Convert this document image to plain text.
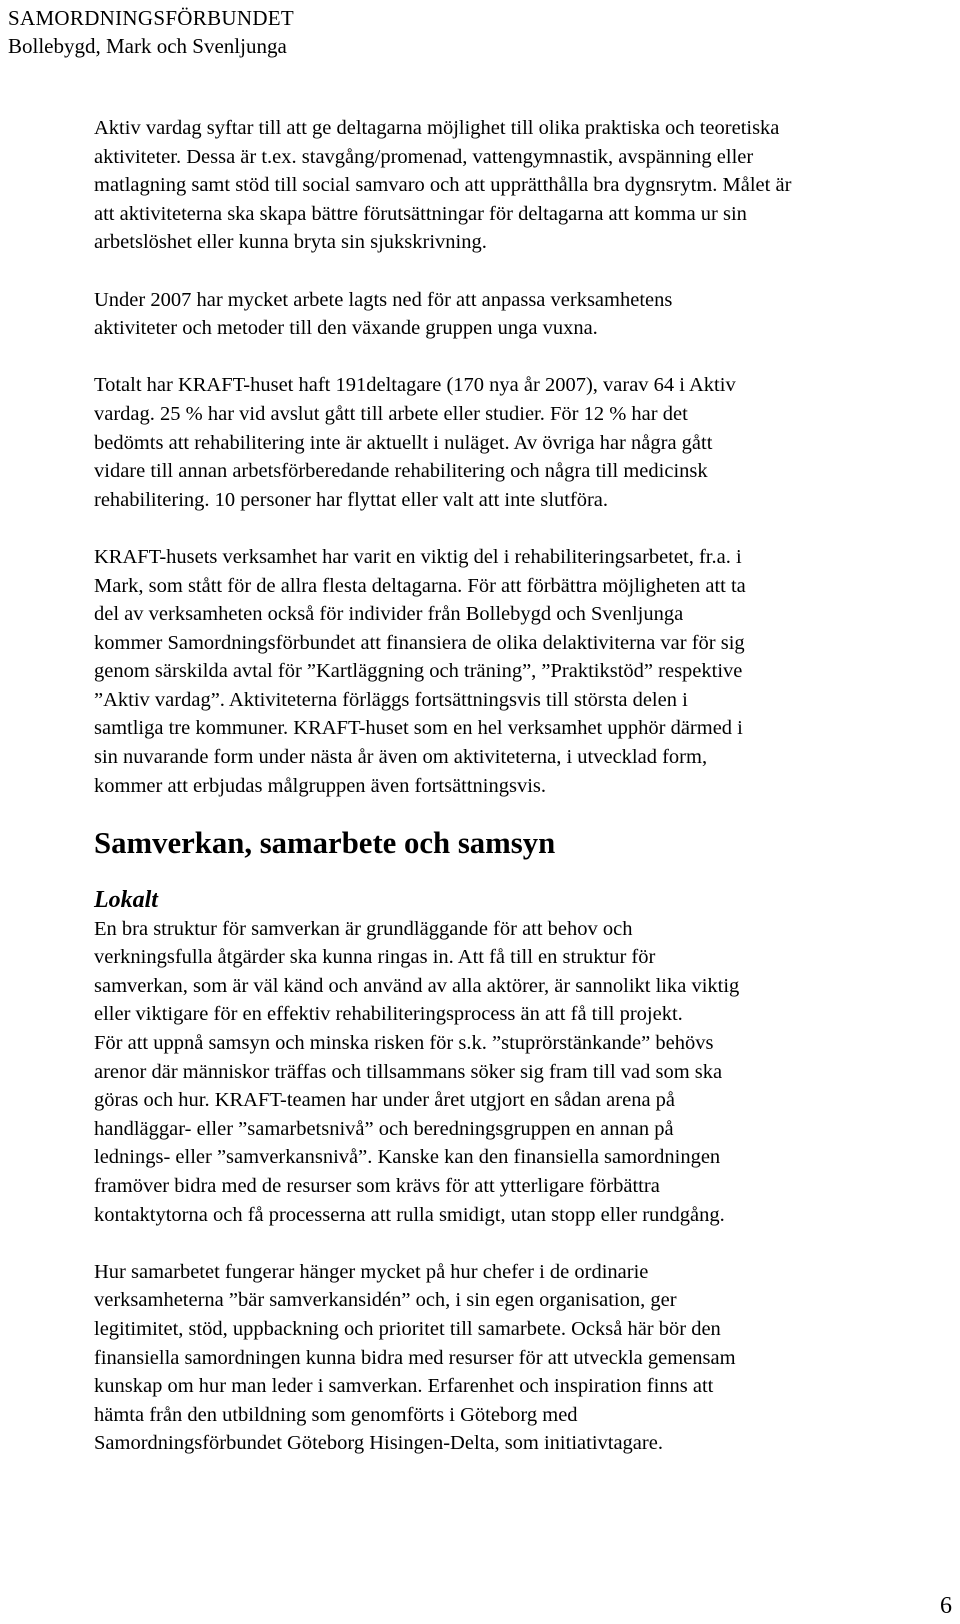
SAMORDNINGSFÖRBUNDET
Bollebygd, Mark och Svenljunga

Aktiv vardag syftar till att ge deltagarna möjlighet till olika praktiska och teoretiska
aktiviteter. Dessa är t.ex. stavgång/promenad, vattengymnastik, avspänning eller
matlagning samt stöd till social samvaro och att upprätthålla bra dygnsrytm. Målet är
att aktiviteterna ska skapa bättre förutsättningar för deltagarna att komma ur sin
arbetslöshet eller kunna bryta sin sjukskrivning.

Under 2007 har mycket arbete lagts ned för att anpassa verksamhetens
aktiviteter och metoder till den växande gruppen unga vuxna.

Totalt har KRAFT-huset haft 191deltagare (170 nya år 2007), varav 64 i Aktiv
vardag. 25 % har vid avslut gått till arbete eller studier. För 12 % har det
bedömts att rehabilitering inte är aktuellt i nuläget. Av övriga har några gått
vidare till annan arbetsförberedande rehabilitering och några till medicinsk
rehabilitering. 10 personer har flyttat eller valt att inte slutföra.

KRAFT-husets verksamhet har varit en viktig del i rehabiliteringsarbetet, fr.a. i
Mark, som stått för de allra flesta deltagarna. För att förbättra möjligheten att ta
del av verksamheten också för individer från Bollebygd och Svenljunga
kommer Samordningsförbundet att finansiera de olika delaktiviterna var för sig
genom särskilda avtal för ”Kartläggning och träning”, ”Praktikstöd” respektive
”Aktiv vardag”. Aktiviteterna förläggs fortsättningsvis till största delen i
samtliga tre kommuner. KRAFT-huset som en hel verksamhet upphör därmed i
sin nuvarande form under nästa år även om aktiviteterna, i utvecklad form,
kommer att erbjudas målgruppen även fortsättningsvis.

Samverkan, samarbete och samsyn
Lokalt

En bra struktur för samverkan är grundläggande för att behov och
verkningsfulla åtgärder ska kunna ringas in. Att få till en struktur för
samverkan, som är väl känd och använd av alla aktörer, är sannolikt lika viktig
eller viktigare för en effektiv rehabiliteringsprocess än att få till projekt.
För att uppnå samsyn och minska risken för s.k. ”stuprörstänkande” behövs
arenor där människor träffas och tillsammans söker sig fram till vad som ska
göras och hur. KRAFT-teamen har under året utgjort en sådan arena på
handläggar- eller ”samarbetsnivå” och beredningsgruppen en annan på
lednings- eller ”samverkansnivå”. Kanske kan den finansiella samordningen
framöver bidra med de resurser som krävs för att ytterligare förbättra
kontaktytorna och få processerna att rulla smidigt, utan stopp eller rundgång.

Hur samarbetet fungerar hänger mycket på hur chefer i de ordinarie
verksamheterna ”bär samverkansidén” och, i sin egen organisation, ger
legitimitet, stöd, uppbackning och prioritet till samarbete. Också här bör den
finansiella samordningen kunna bidra med resurser för att utveckla gemensam
kunskap om hur man leder i samverkan. Erfarenhet och inspiration finns att
hämta från den utbildning som genomförts i Göteborg med
Samordningsförbundet Göteborg Hisingen-Delta, som initiativtagare.

6
